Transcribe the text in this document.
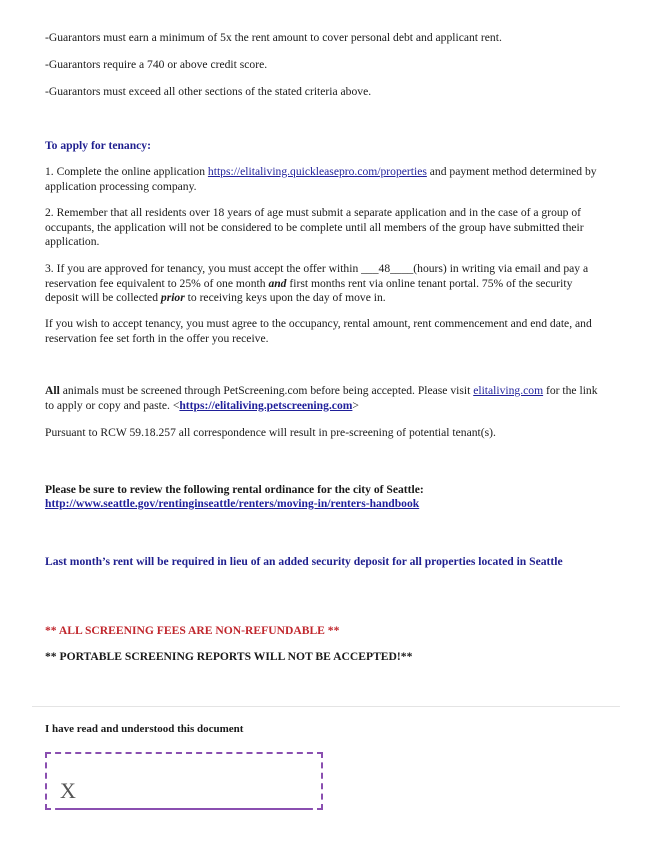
-Guarantors must earn a minimum of 5x the rent amount to cover personal debt and applicant rent.

-Guarantors require a 740 or above credit score.

-Guarantors must exceed all other sections of the stated criteria above.

To apply for tenancy:

1. Complete the online application https://elitaliving.quickleasepro.com/properties and payment method determined by application processing company.

2. Remember that all residents over 18 years of age must submit a separate application and in the case of a group of occupants, the application will not be considered to be complete until all members of the group have submitted their application.

3. If you are approved for tenancy, you must accept the offer within ___48____(hours) in writing via email and pay a reservation fee equivalent to 25% of one month and first months rent via online tenant portal. 75% of the security deposit will be collected prior to receiving keys upon the day of move in.

If you wish to accept tenancy, you must agree to the occupancy, rental amount, rent commencement and end date, and reservation fee set forth in the offer you receive.

All animals must be screened through PetScreening.com before being accepted. Please visit elitaliving.com for the link to apply or copy and paste. <https://elitaliving.petscreening.com>

Pursuant to RCW 59.18.257 all correspondence will result in pre-screening of potential tenant(s).

Please be sure to review the following rental ordinance for the city of Seattle:

http://www.seattle.gov/rentinginseattle/renters/moving-in/renters-handbook

Last month’s rent will be required in lieu of an added security deposit for all properties located in Seattle

** ALL SCREENING FEES ARE NON-REFUNDABLE **

** PORTABLE SCREENING REPORTS WILL NOT BE ACCEPTED!**

I have read and understood this document

X
